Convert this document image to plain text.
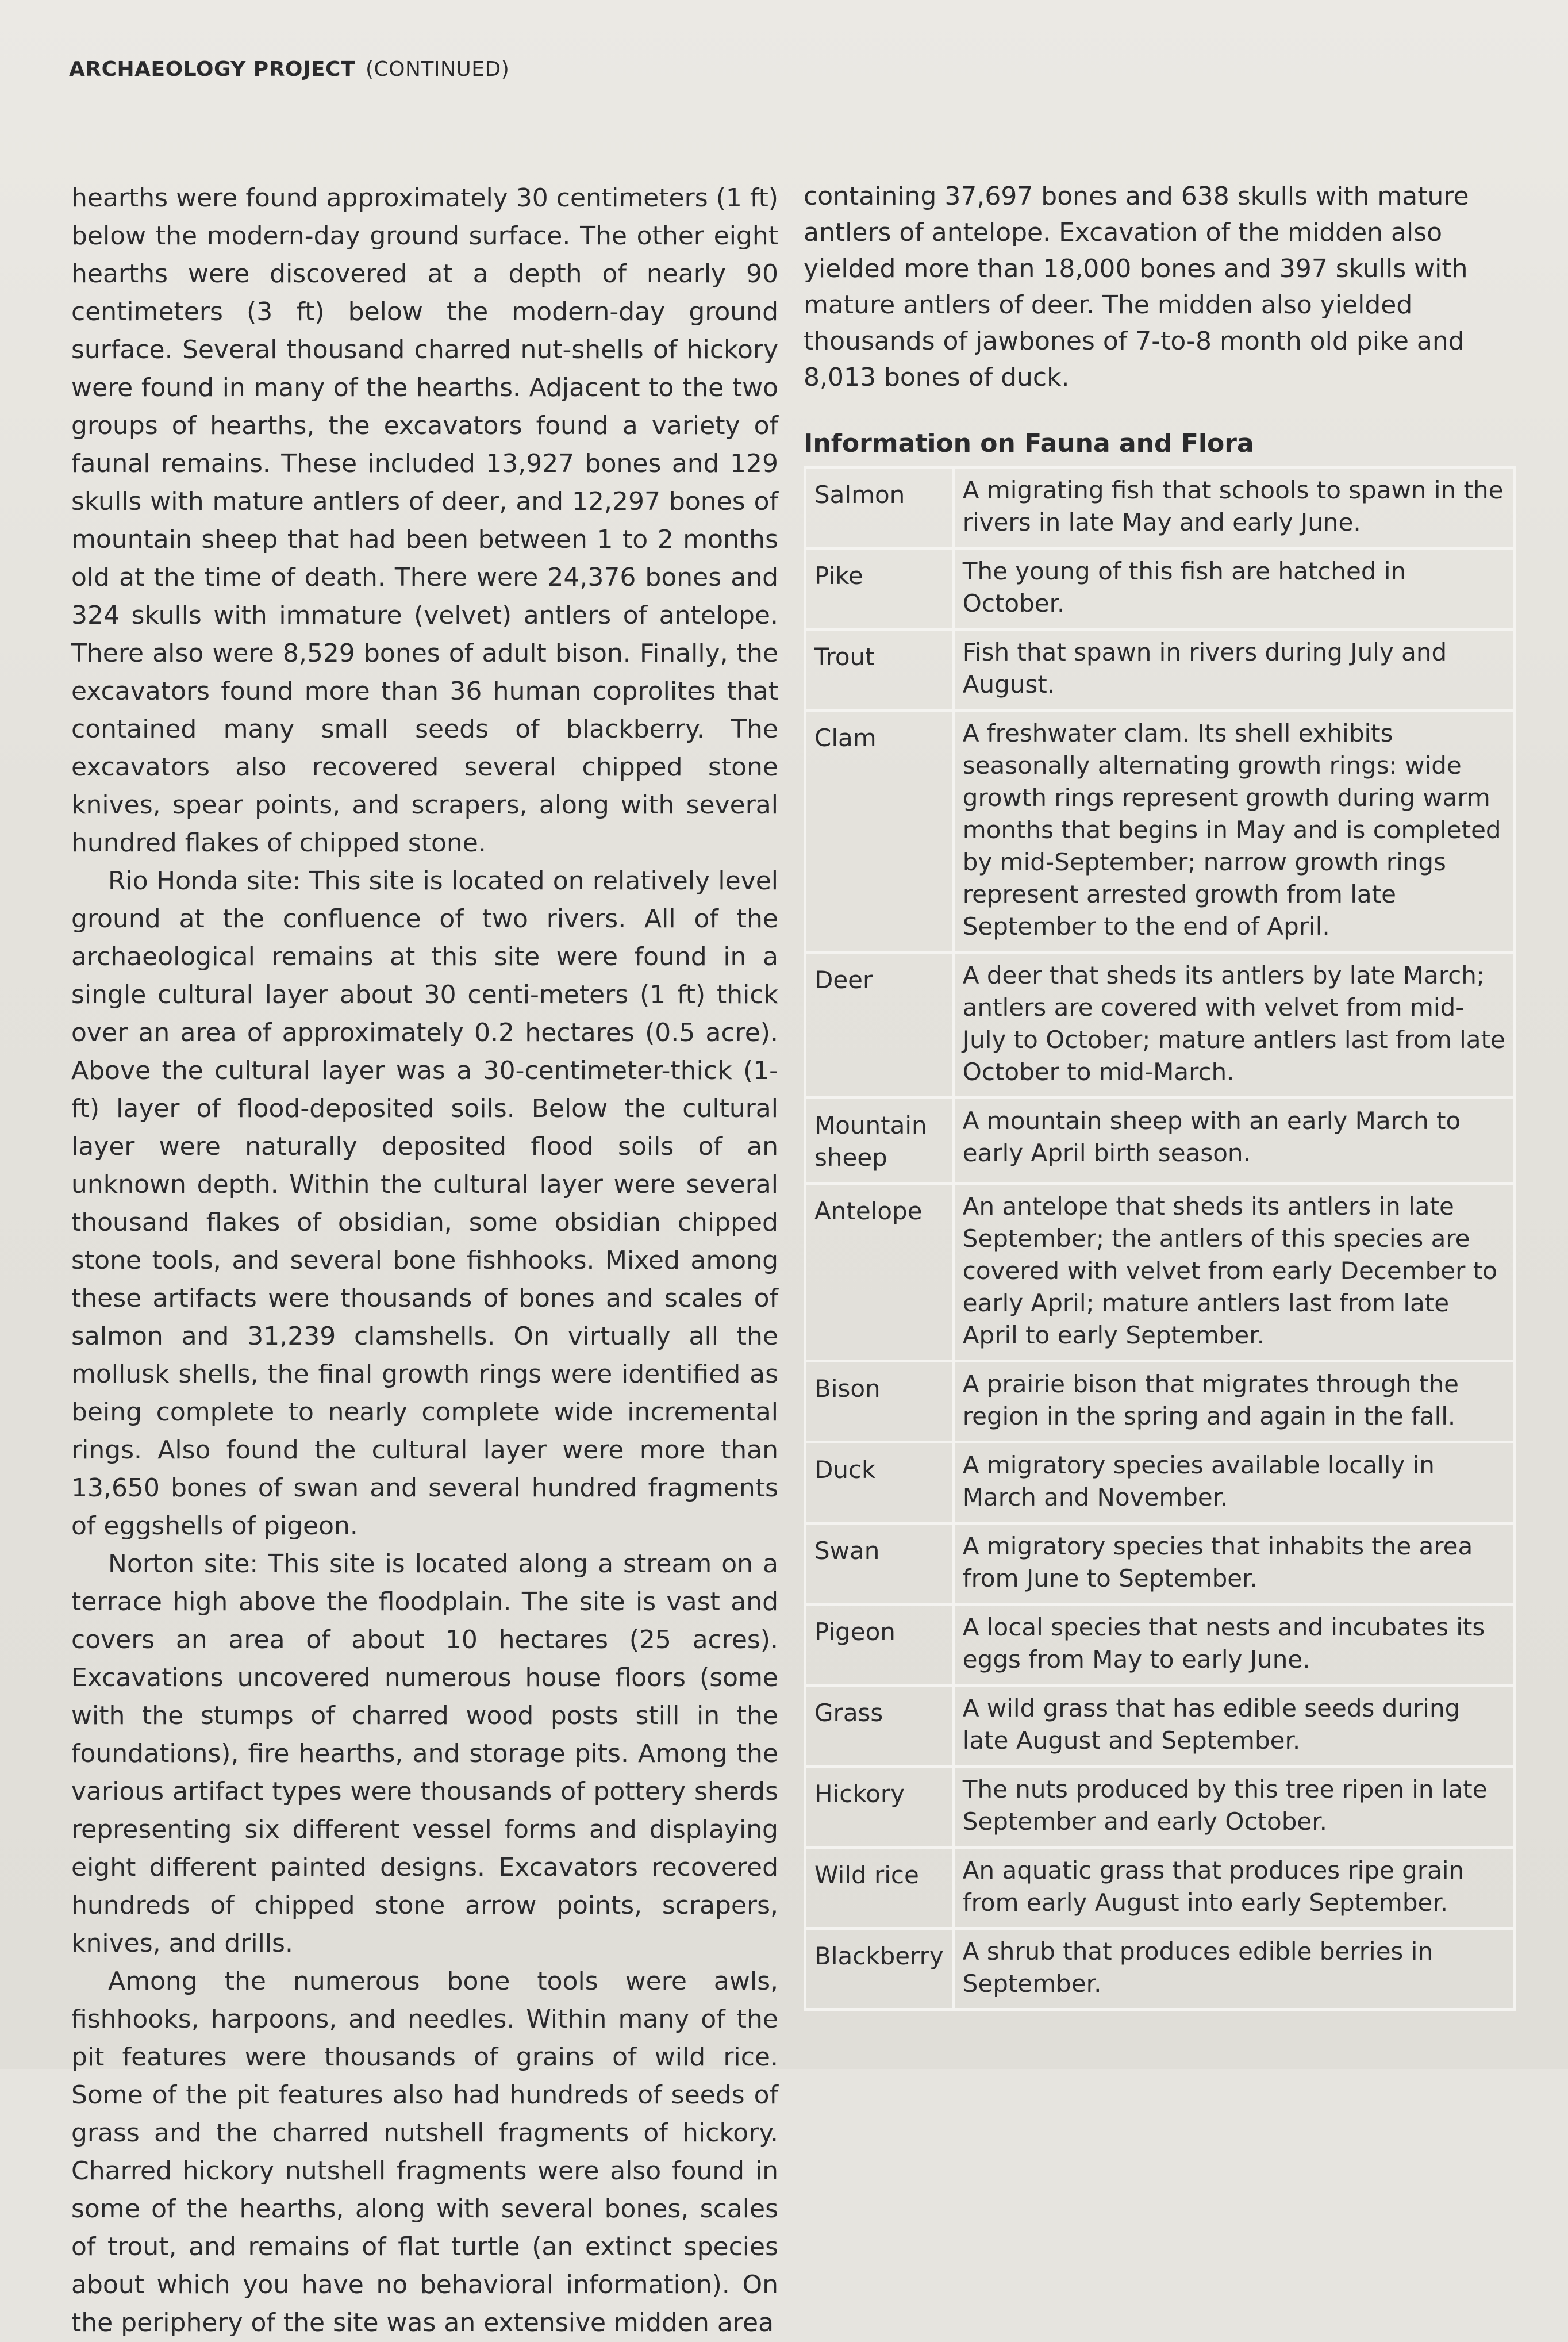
ARCHAEOLOGY PROJECT (CONTINUED)

hearths were found approximately 30 centimeters (1 ft) below the modern-day ground surface. The other eight hearths were discovered at a depth of nearly 90 centimeters (3 ft) below the modern-day ground surface. Several thousand charred nut-shells of hickory were found in many of the hearths. Adjacent to the two groups of hearths, the excavators found a variety of faunal remains. These included 13,927 bones and 129 skulls with mature antlers of deer, and 12,297 bones of mountain sheep that had been between 1 to 2 months old at the time of death. There were 24,376 bones and 324 skulls with immature (velvet) antlers of antelope. There also were 8,529 bones of adult bison. Finally, the excavators found more than 36 human coprolites that contained many small seeds of blackberry. The excavators also recovered several chipped stone knives, spear points, and scrapers, along with several hundred flakes of chipped stone.

Rio Honda site: This site is located on relatively level ground at the confluence of two rivers. All of the archaeological remains at this site were found in a single cultural layer about 30 centi-meters (1 ft) thick over an area of approximately 0.2 hectares (0.5 acre). Above the cultural layer was a 30-centimeter-thick (1-ft) layer of flood-deposited soils. Below the cultural layer were naturally deposited flood soils of an unknown depth. Within the cultural layer were several thousand flakes of obsidian, some obsidian chipped stone tools, and several bone fishhooks. Mixed among these artifacts were thousands of bones and scales of salmon and 31,239 clamshells. On virtually all the mollusk shells, the final growth rings were identified as being complete to nearly complete wide incremental rings. Also found the cultural layer were more than 13,650 bones of swan and several hundred fragments of eggshells of pigeon.

Norton site: This site is located along a stream on a terrace high above the floodplain. The site is vast and covers an area of about 10 hectares (25 acres). Excavations uncovered numerous house floors (some with the stumps of charred wood posts still in the foundations), fire hearths, and storage pits. Among the various artifact types were thousands of pottery sherds representing six different vessel forms and displaying eight different painted designs. Excavators recovered hundreds of chipped stone arrow points, scrapers, knives, and drills.

Among the numerous bone tools were awls, fishhooks, harpoons, and needles. Within many of the pit features were thousands of grains of wild rice. Some of the pit features also had hundreds of seeds of grass and the charred nutshell fragments of hickory. Charred hickory nutshell fragments were also found in some of the hearths, along with several bones, scales of trout, and remains of flat turtle (an extinct species about which you have no behavioral information). On the periphery of the site was an extensive midden area

containing 37,697 bones and 638 skulls with mature antlers of antelope. Excavation of the midden also yielded more than 18,000 bones and 397 skulls with mature antlers of deer. The midden also yielded thousands of jawbones of 7-to-8 month old pike and 8,013 bones of duck.

Information on Fauna and Flora
Salmon	A migrating fish that schools to spawn in the rivers in late May and early June.
Pike	The young of this fish are hatched in October.
Trout	Fish that spawn in rivers during July and August.
Clam	A freshwater clam. Its shell exhibits seasonally alternating growth rings: wide growth rings represent growth during warm months that begins in May and is completed by mid-September; narrow growth rings represent arrested growth from late September to the end of April.
Deer	A deer that sheds its antlers by late March; antlers are covered with velvet from mid-July to October; mature antlers last from late October to mid-March.
Mountain sheep	A mountain sheep with an early March to early April birth season.
Antelope	An antelope that sheds its antlers in late September; the antlers of this species are covered with velvet from early December to early April; mature antlers last from late April to early September.
Bison	A prairie bison that migrates through the region in the spring and again in the fall.
Duck	A migratory species available locally in March and November.
Swan	A migratory species that inhabits the area from June to September.
Pigeon	A local species that nests and incubates its eggs from May to early June.
Grass	A wild grass that has edible seeds during late August and September.
Hickory	The nuts produced by this tree ripen in late September and early October.
Wild rice	An aquatic grass that produces ripe grain from early August into early September.
Blackberry	A shrub that produces edible berries in September.
